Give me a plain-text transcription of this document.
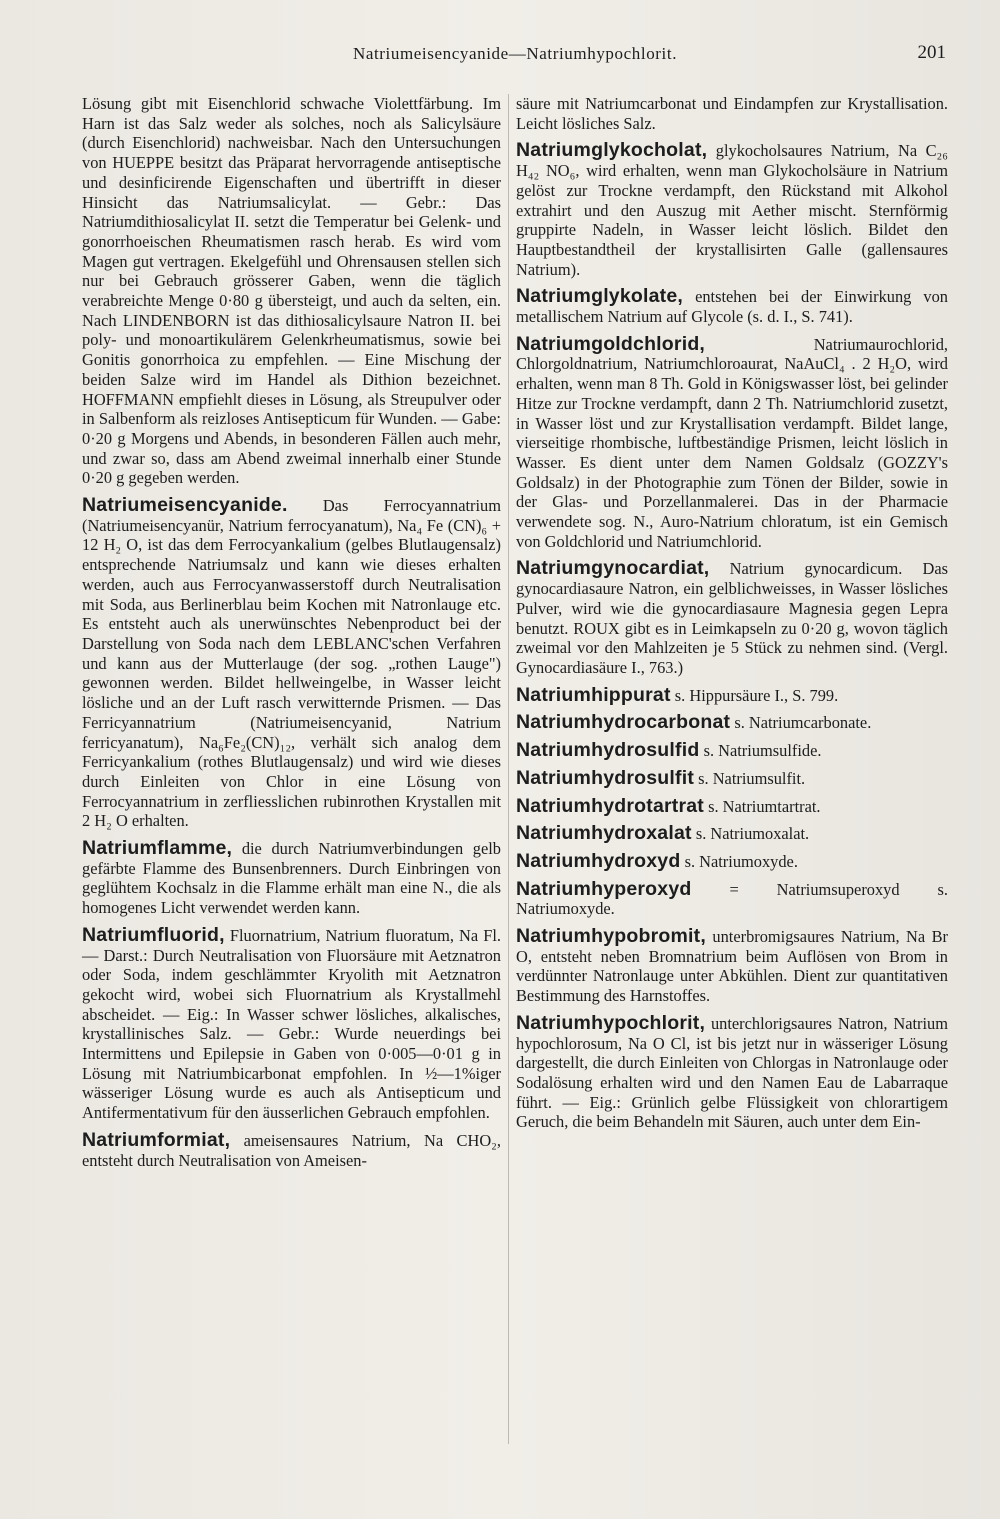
Natriumeisencyanide—Natriumhypochlorit.	201

Lösung gibt mit Eisenchlorid schwache Violettfärbung. Im Harn ist das Salz weder als solches, noch als Salicylsäure (durch Eisenchlorid) nachweisbar. Nach den Untersuchungen von HUEPPE besitzt das Präparat hervorragende antiseptische und desinficirende Eigenschaften und übertrifft in dieser Hinsicht das Natriumsalicylat. — Gebr.: Das Natriumdithiosalicylat II. setzt die Temperatur bei Gelenk- und gonorrhoeischen Rheumatismen rasch herab. Es wird vom Magen gut vertragen. Ekelgefühl und Ohrensausen stellen sich nur bei Gebrauch grösserer Gaben, wenn die täglich verabreichte Menge 0·80 g übersteigt, und auch da selten, ein. Nach LINDENBORN ist das dithiosalicylsaure Natron II. bei poly- und monoartikulärem Gelenkrheumatismus, sowie bei Gonitis gonorrhoica zu empfehlen. — Eine Mischung der beiden Salze wird im Handel als Dithion bezeichnet. HOFFMANN empfiehlt dieses in Lösung, als Streupulver oder in Salbenform als reizloses Antisepticum für Wunden. — Gabe: 0·20 g Morgens und Abends, in besonderen Fällen auch mehr, und zwar so, dass am Abend zweimal innerhalb einer Stunde 0·20 g gegeben werden.

Natriumeisencyanide. Das Ferrocyannatrium (Natriumeisencyanür, Natrium ferrocyanatum), Na₄ Fe (CN)₆ + 12 H₂ O, ist das dem Ferrocyankalium (gelbes Blutlaugensalz) entsprechende Natriumsalz und kann wie dieses erhalten werden, auch aus Ferrocyanwasserstoff durch Neutralisation mit Soda, aus Berlinerblau beim Kochen mit Natronlauge etc. Es entsteht auch als unerwünschtes Nebenproduct bei der Darstellung von Soda nach dem LEBLANC'schen Verfahren und kann aus der Mutterlauge (der sog. „rothen Lauge") gewonnen werden. Bildet hellweingelbe, in Wasser leicht lösliche und an der Luft rasch verwitternde Prismen. — Das Ferricyannatrium (Natriumeisencyanid, Natrium ferricyanatum), Na₆Fe₂(CN)₁₂, verhält sich analog dem Ferricyankalium (rothes Blutlaugensalz) und wird wie dieses durch Einleiten von Chlor in eine Lösung von Ferrocyannatrium in zerfliesslichen rubinrothen Krystallen mit 2 H₂ O erhalten.

Natriumflamme, die durch Natriumverbindungen gelb gefärbte Flamme des Bunsenbrenners. Durch Einbringen von geglühtem Kochsalz in die Flamme erhält man eine N., die als homogenes Licht verwendet werden kann.

Natriumfluorid, Fluornatrium, Natrium fluoratum, Na Fl. — Darst.: Durch Neutralisation von Fluorsäure mit Aetznatron oder Soda, indem geschlämmter Kryolith mit Aetznatron gekocht wird, wobei sich Fluornatrium als Krystallmehl abscheidet. — Eig.: In Wasser schwer lösliches, alkalisches, krystallinisches Salz. — Gebr.: Wurde neuerdings bei Intermittens und Epilepsie in Gaben von 0·005—0·01 g in Lösung mit Natriumbicarbonat empfohlen. In ½—1%iger wässeriger Lösung wurde es auch als Antisepticum und Antifermentativum für den äusserlichen Gebrauch empfohlen.

Natriumformiat, ameisensaures Natrium, Na CHO₂, entsteht durch Neutralisation von Ameisen-

säure mit Natriumcarbonat und Eindampfen zur Krystallisation. Leicht lösliches Salz.

Natriumglykocholat, glykocholsaures Natrium, Na C₂₆ H₄₂ NO₆, wird erhalten, wenn man Glykocholsäure in Natrium gelöst zur Trockne verdampft, den Rückstand mit Alkohol extrahirt und den Auszug mit Aether mischt. Sternförmig gruppirte Nadeln, in Wasser leicht löslich. Bildet den Hauptbestandtheil der krystallisirten Galle (gallensaures Natrium).

Natriumglykolate, entstehen bei der Einwirkung von metallischem Natrium auf Glycole (s. d. I., S. 741).

Natriumgoldchlorid,	Natriumaurochlorid, Chlorgoldnatrium, Natriumchloroaurat, NaAuCl₄ . 2 H₂O, wird erhalten, wenn man 8 Th. Gold in Königswasser löst, bei gelinder Hitze zur Trockne verdampft, dann 2 Th. Natriumchlorid zusetzt, in Wasser löst und zur Krystallisation verdampft. Bildet lange, vierseitige rhombische, luftbeständige Prismen, leicht löslich in Wasser. Es dient unter dem Namen Goldsalz (GOZZY's Goldsalz) in der Photographie zum Tönen der Bilder, sowie in der Glas- und Porzellanmalerei. Das in der Pharmacie verwendete sog. N., Auro-Natrium chloratum, ist ein Gemisch von Goldchlorid und Natriumchlorid.

Natriumgynocardiat, Natrium gynocardicum. Das gynocardiasaure Natron, ein gelblichweisses, in Wasser lösliches Pulver, wird wie die gynocardiasaure Magnesia gegen Lepra benutzt. ROUX gibt es in Leimkapseln zu 0·20 g, wovon täglich zweimal vor den Mahlzeiten je 5 Stück zu nehmen sind. (Vergl. Gynocardiasäure I., 763.)

Natriumhippurat s. Hippursäure I., S. 799.

Natriumhydrocarbonat s. Natriumcarbonate.

Natriumhydrosulfid s. Natriumsulfide.

Natriumhydrosulfit s. Natriumsulfit.

Natriumhydrotartrat s. Natriumtartrat.

Natriumhydroxalat s. Natriumoxalat.

Natriumhydroxyd s. Natriumoxyde.

Natriumhyperoxyd = Natriumsuperoxyd s. Natriumoxyde.

Natriumhypobromit, unterbromigsaures Natrium, Na Br O, entsteht neben Bromnatrium beim Auflösen von Brom in verdünnter Natronlauge unter Abkühlen. Dient zur quantitativen Bestimmung des Harnstoffes.

Natriumhypochlorit, unterchlorigsaures Natron, Natrium hypochlorosum, Na O Cl, ist bis jetzt nur in wässeriger Lösung dargestellt, die durch Einleiten von Chlorgas in Natronlauge oder Sodalösung erhalten wird und den Namen Eau de Labarraque führt. — Eig.: Grünlich gelbe Flüssigkeit von chlorartigem Geruch, die beim Behandeln mit Säuren, auch unter dem Ein-
